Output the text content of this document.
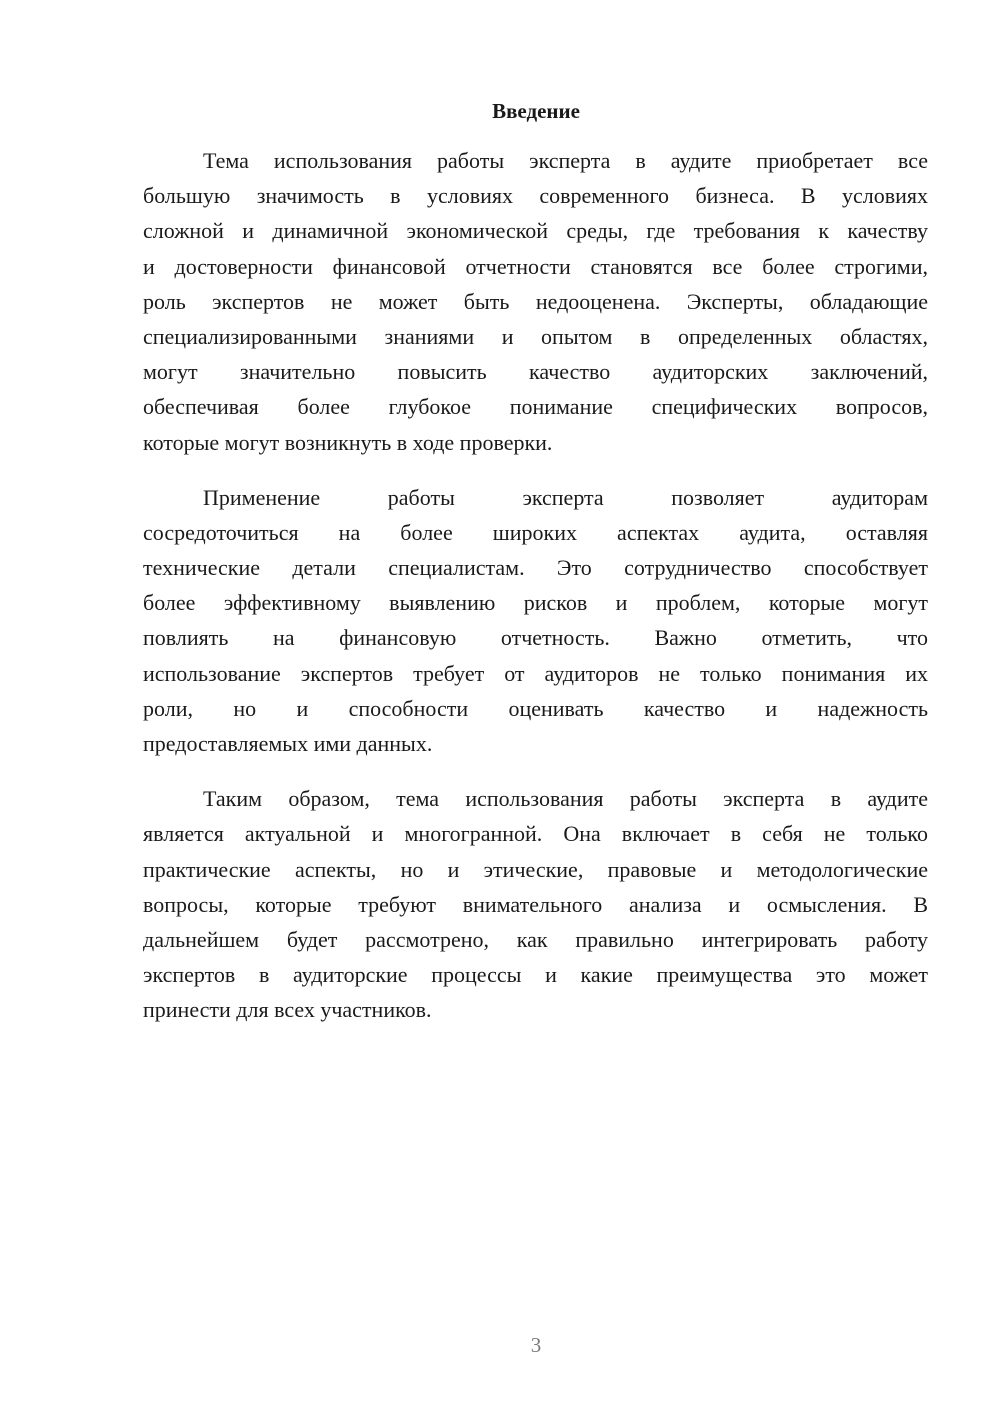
Введение
Тема использования работы эксперта в аудите приобретает все
большую значимость в условиях современного бизнеса. В условиях
сложной и динамичной экономической среды, где требования к качеству
и достоверности финансовой отчетности становятся все более строгими,
роль экспертов не может быть недооценена. Эксперты, обладающие
специализированными знаниями и опытом в определенных областях,
могут значительно повысить качество аудиторских заключений,
обеспечивая более глубокое понимание специфических вопросов,
которые могут возникнуть в ходе проверки.
Применение работы эксперта позволяет аудиторам
сосредоточиться на более широких аспектах аудита, оставляя
технические детали специалистам. Это сотрудничество способствует
более эффективному выявлению рисков и проблем, которые могут
повлиять на финансовую отчетность. Важно отметить, что
использование экспертов требует от аудиторов не только понимания их
роли, но и способности оценивать качество и надежность
предоставляемых ими данных.
Таким образом, тема использования работы эксперта в аудите
является актуальной и многогранной. Она включает в себя не только
практические аспекты, но и этические, правовые и методологические
вопросы, которые требуют внимательного анализа и осмысления. В
дальнейшем будет рассмотрено, как правильно интегрировать работу
экспертов в аудиторские процессы и какие преимущества это может
принести для всех участников.
3
